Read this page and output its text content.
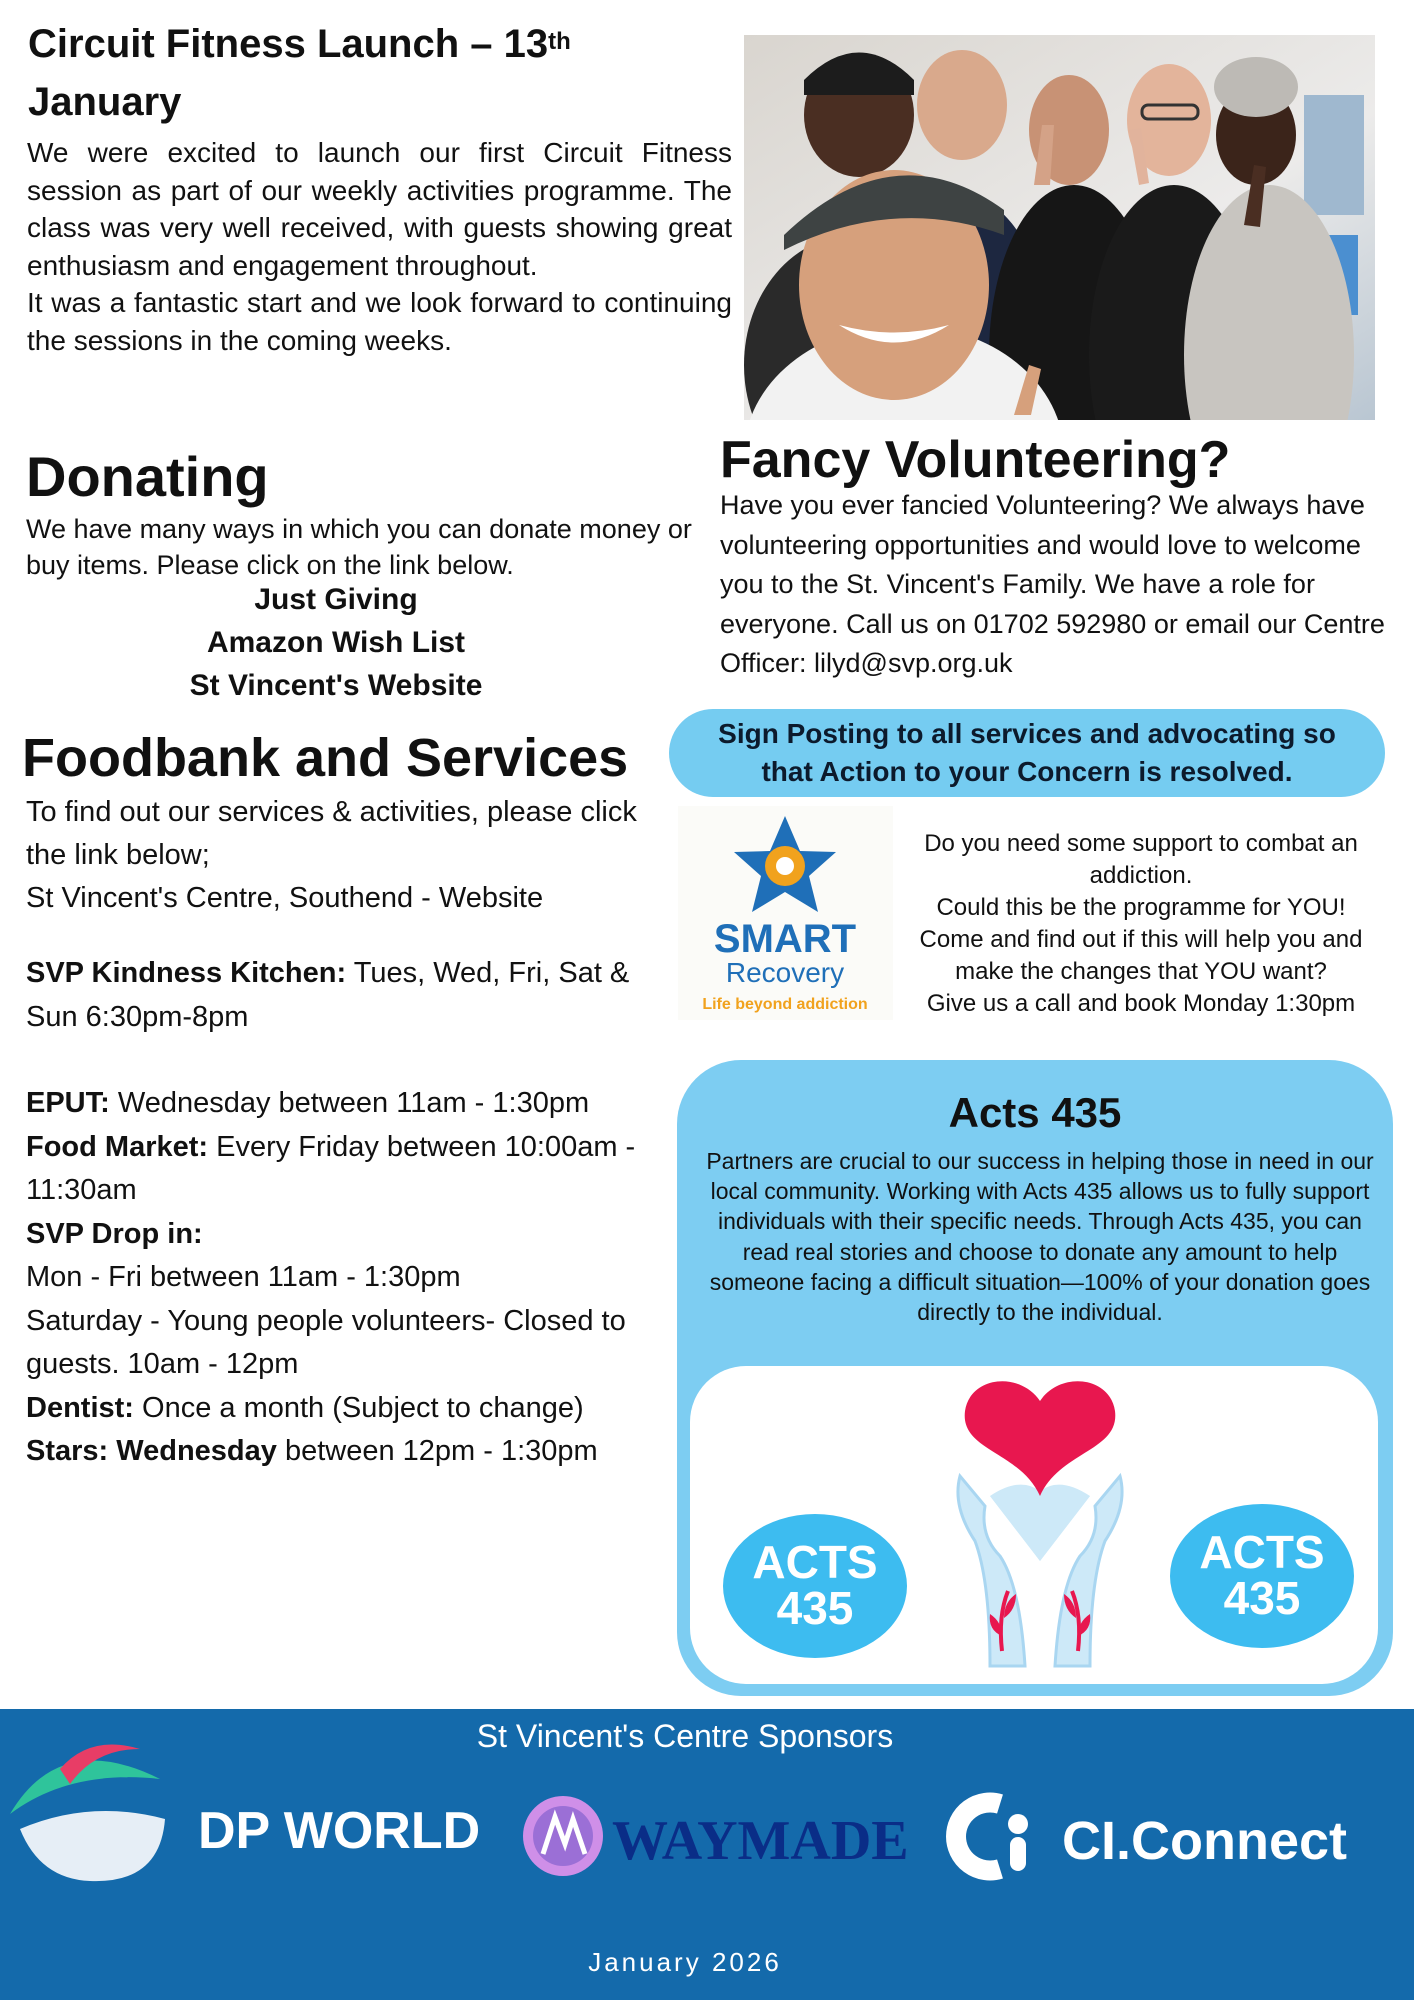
Circuit Fitness Launch – 13th
January

We were excited to launch our first Circuit Fitness session as part of our weekly activities programme. The class was very well received, with guests showing great enthusiasm and engagement throughout.

It was a fantastic start and we look forward to continuing the sessions in the coming weeks.

Donating

We have many ways in which you can donate money or buy items. Please click on the link below.

Just Giving
Amazon Wish List
St Vincent's Website
Fancy Volunteering?

Have you ever fancied Volunteering? We always have volunteering opportunities and would love to welcome you to the St. Vincent's Family. We have a role for everyone. Call us on 01702 592980 or email our Centre Officer: lilyd@svp.org.uk

Foodbank and Services
To find out our services & activities, please click the link below;
St Vincent's Centre, Southend - Website
SVP Kindness Kitchen: Tues, Wed, Fri, Sat & Sun 6:30pm-8pm
EPUT: Wednesday between 11am - 1:30pm
Food Market: Every Friday between 10:00am - 11:30am
SVP Drop in:
Mon - Fri between 11am - 1:30pm
Saturday - Young people volunteers- Closed to guests. 10am - 12pm
Dentist: Once a month (Subject to change)
Stars: Wednesday between 12pm - 1:30pm
Sign Posting to all services and advocating so that Action to your Concern is resolved.
SMART
Recovery
Life beyond addiction
Do you need some support to combat an addiction.
Could this be the programme for YOU!
Come and find out if this will help you and make the changes that YOU want?
Give us a call and book Monday 1:30pm
Acts 435

Partners are crucial to our success in helping those in need in our local community. Working with Acts 435 allows us to fully support individuals with their specific needs. Through Acts 435, you can read real stories and choose to donate any amount to help someone facing a difficult situation—100% of your donation goes directly to the individual.

ACTS
435
ACTS
435
DP WORLD WAYMADE	CI.Connect
St Vincent's Centre Sponsors
January 2026
